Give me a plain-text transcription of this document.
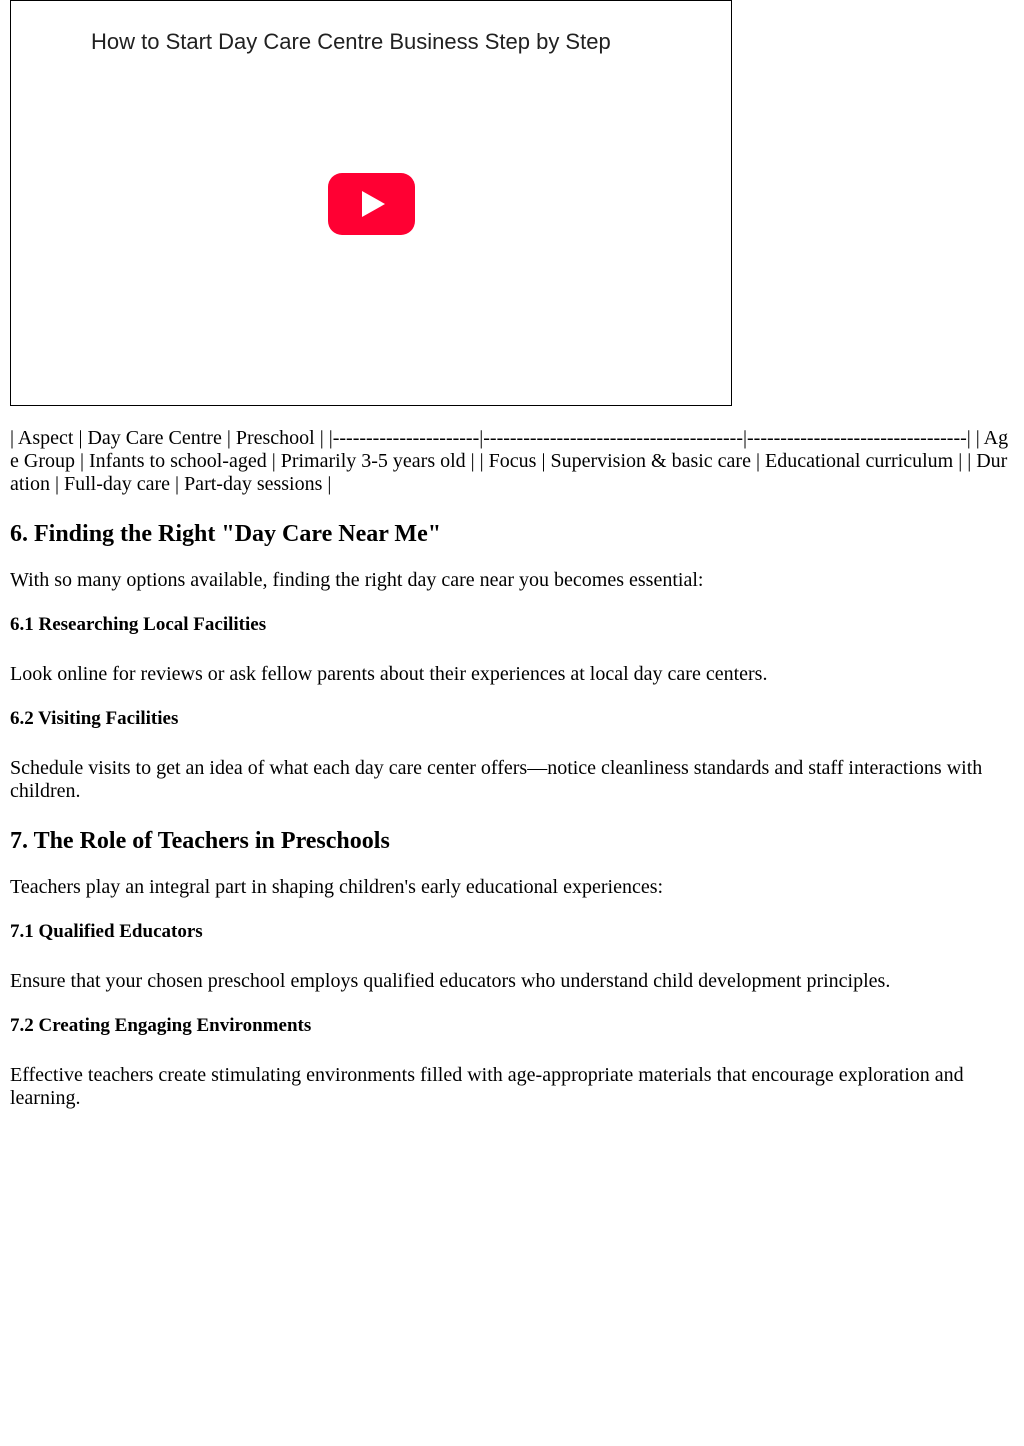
How to Start Day Care Centre Business Step by Step

| Aspect | Day Care Centre | Preschool | |----------------------|---------------------------------------|---------------------------------| | Age Group | Infants to school-aged | Primarily 3-5 years old | | Focus | Supervision & basic care | Educational curriculum | | Duration | Full-day care | Part-day sessions |

6. Finding the Right "Day Care Near Me"

With so many options available, finding the right day care near you becomes essential:

6.1 Researching Local Facilities

Look online for reviews or ask fellow parents about their experiences at local day care centers.

6.2 Visiting Facilities

Schedule visits to get an idea of what each day care center offers—notice cleanliness standards and staff interactions with children.

7. The Role of Teachers in Preschools

Teachers play an integral part in shaping children's early educational experiences:

7.1 Qualified Educators

Ensure that your chosen preschool employs qualified educators who understand child development principles.

7.2 Creating Engaging Environments

Effective teachers create stimulating environments filled with age-appropriate materials that encourage exploration and learning.
